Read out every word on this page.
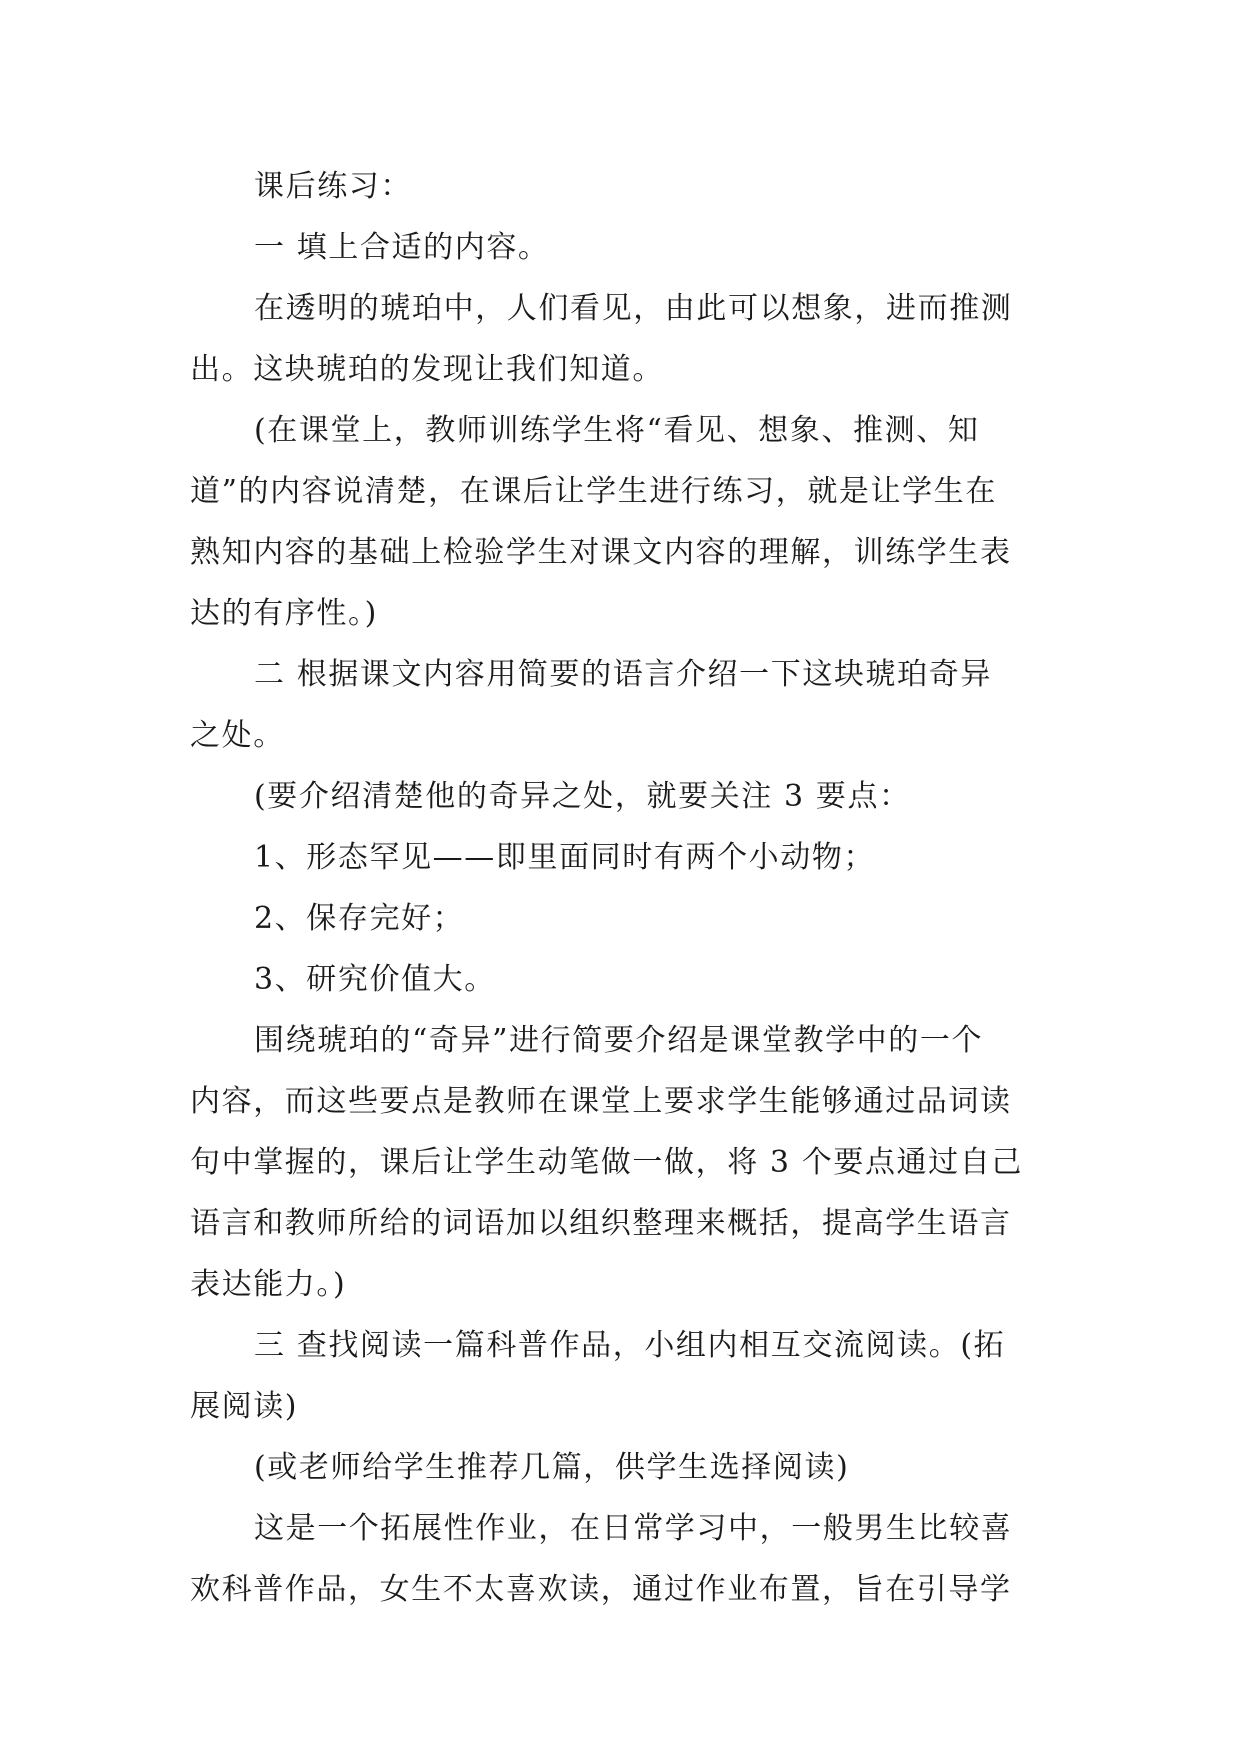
课后练习：
一 填上合适的内容。
在透明的琥珀中，人们看见，由此可以想象，进而推测
出。这块琥珀的发现让我们知道。
(在课堂上，教师训练学生将“看见、想象、推测、知
道”的内容说清楚，在课后让学生进行练习，就是让学生在
熟知内容的基础上检验学生对课文内容的理解，训练学生表
达的有序性。)
二 根据课文内容用简要的语言介绍一下这块琥珀奇异
之处。
(要介绍清楚他的奇异之处，就要关注 3 要点：
1、形态罕见——即里面同时有两个小动物；
2、保存完好；
3、研究价值大。
围绕琥珀的“奇异”进行简要介绍是课堂教学中的一个
内容，而这些要点是教师在课堂上要求学生能够通过品词读
句中掌握的，课后让学生动笔做一做，将 3 个要点通过自己
语言和教师所给的词语加以组织整理来概括，提高学生语言
表达能力。)
三 查找阅读一篇科普作品，小组内相互交流阅读。(拓
展阅读)
(或老师给学生推荐几篇，供学生选择阅读)
这是一个拓展性作业，在日常学习中，一般男生比较喜
欢科普作品，女生不太喜欢读，通过作业布置，旨在引导学
